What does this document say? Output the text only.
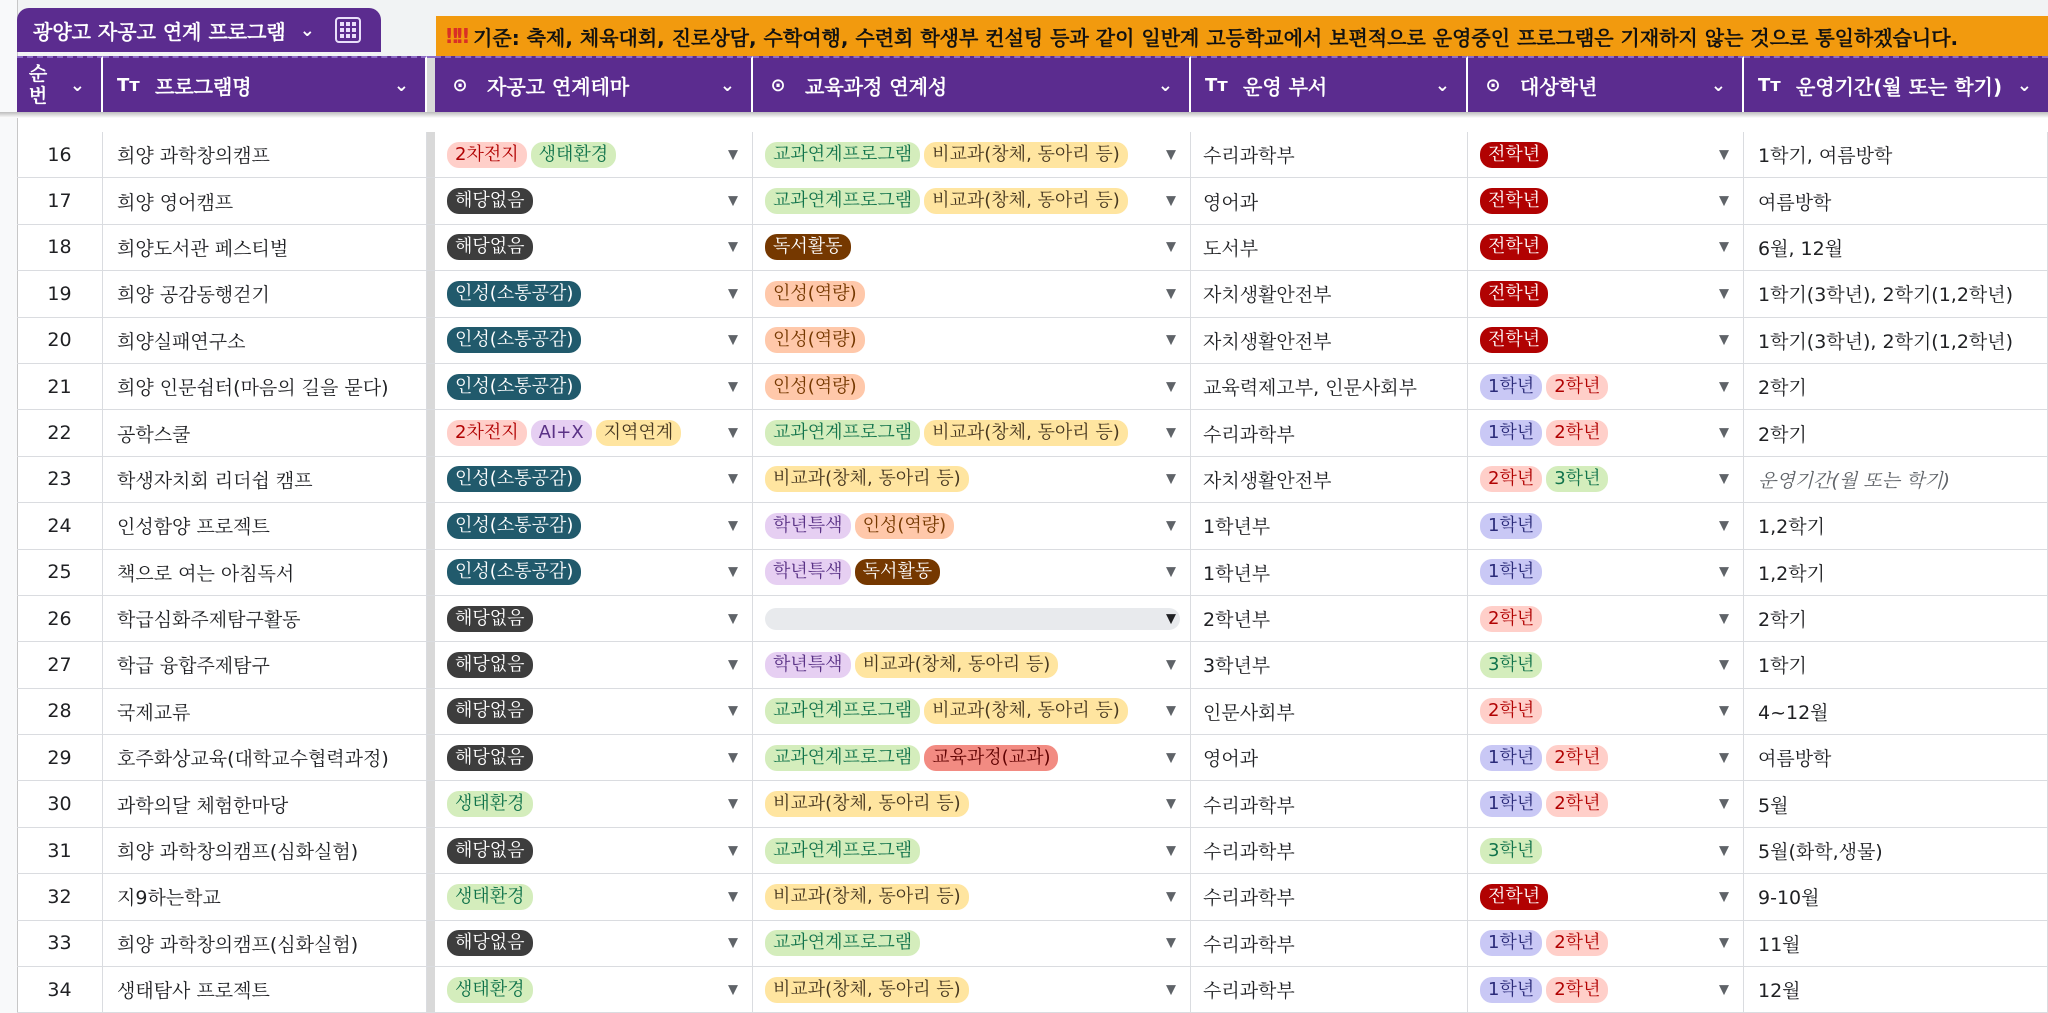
광양고 자공고 연계 프로그램 ⌄	‼‼ 기준: 축제, 체육대회, 진로상담, 수학여행, 수련회 학생부 컨설팅 등과 같이 일반계 고등학교에서 보편적으로 운영중인 프로그램은 기재하지 않는 것으로 통일하겠습니다.
순번	⌄ Tт 프로그램명	⌄ ⊙ 자공고 연계테마	⌄ ⊙ 교육과정 연계성	⌄ Tт 운영 부서	⌄ ⊙ 대상학년	⌄ Tт 운영기간(월 또는 학기) ⌄
16	희양 과학창의캠프	2차전지	생태환경	▼	교과연계프로그램	비교과(창체, 동아리 등)	▼	수리과학부	전학년	▼ 1학기, 여름방학
17	희양 영어캠프	해당없음	▼	교과연계프로그램	비교과(창체, 동아리 등)	▼	영어과	전학년	▼ 여름방학
18	희양도서관 페스티벌	해당없음	▼	독서활동	▼	도서부	전학년	▼ 6월, 12월
19	희양 공감동행걷기	인성(소통공감)	▼	인성(역량)	▼	자치생활안전부	전학년	▼ 1학기(3학년), 2학기(1,2학년)
20	희양실패연구소	인성(소통공감)	▼	인성(역량)	▼	자치생활안전부	전학년	▼ 1학기(3학년), 2학기(1,2학년)
21	희양 인문쉼터(마음의 길을 묻다)	인성(소통공감)	▼	인성(역량)	▼	교육력제고부, 인문사회부	1학년	2학년	▼ 2학기
22	공학스쿨	2차전지	AI+X	지역연계	▼	교과연계프로그램	비교과(창체, 동아리 등)	▼	수리과학부	1학년	2학년	▼ 2학기
23	학생자치회 리더쉽 캠프	인성(소통공감)	▼	비교과(창체, 동아리 등)	▼	자치생활안전부	2학년	3학년	▼ 운영기간(월 또는 학기)
24	인성함양 프로젝트	인성(소통공감)	▼	학년특색	인성(역량)	▼	1학년부	1학년	▼ 1,2학기
25	책으로 여는 아침독서	인성(소통공감)	▼	학년특색	독서활동	▼	1학년부	1학년	▼ 1,2학기
26	학급심화주제탐구활동	해당없음	▼	▼	2학년부	2학년	▼ 2학기
27	학급 융합주제탐구	해당없음	▼	학년특색	비교과(창체, 동아리 등)	▼	3학년부	3학년	▼ 1학기
28	국제교류	해당없음	▼	교과연계프로그램	비교과(창체, 동아리 등)	▼	인문사회부	2학년	▼ 4~12월
29	호주화상교육(대학교수협력과정)	해당없음	▼	교과연계프로그램	교육과정(교과)	▼	영어과	1학년	2학년	▼ 여름방학
30	과학의달 체험한마당	생태환경	▼	비교과(창체, 동아리 등)	▼	수리과학부	1학년	2학년	▼ 5월
31	희양 과학창의캠프(심화실험)	해당없음	▼	교과연계프로그램	▼	수리과학부	3학년	▼ 5월(화학,생물)
32	지9하는학교	생태환경	▼	비교과(창체, 동아리 등)	▼	수리과학부	전학년	▼ 9-10월
33	희양 과학창의캠프(심화실험)	해당없음	▼	교과연계프로그램	▼	수리과학부	1학년	2학년	▼ 11월
34	생태탐사 프로젝트	생태환경	▼	비교과(창체, 동아리 등)	▼	수리과학부	1학년	2학년	▼ 12월
